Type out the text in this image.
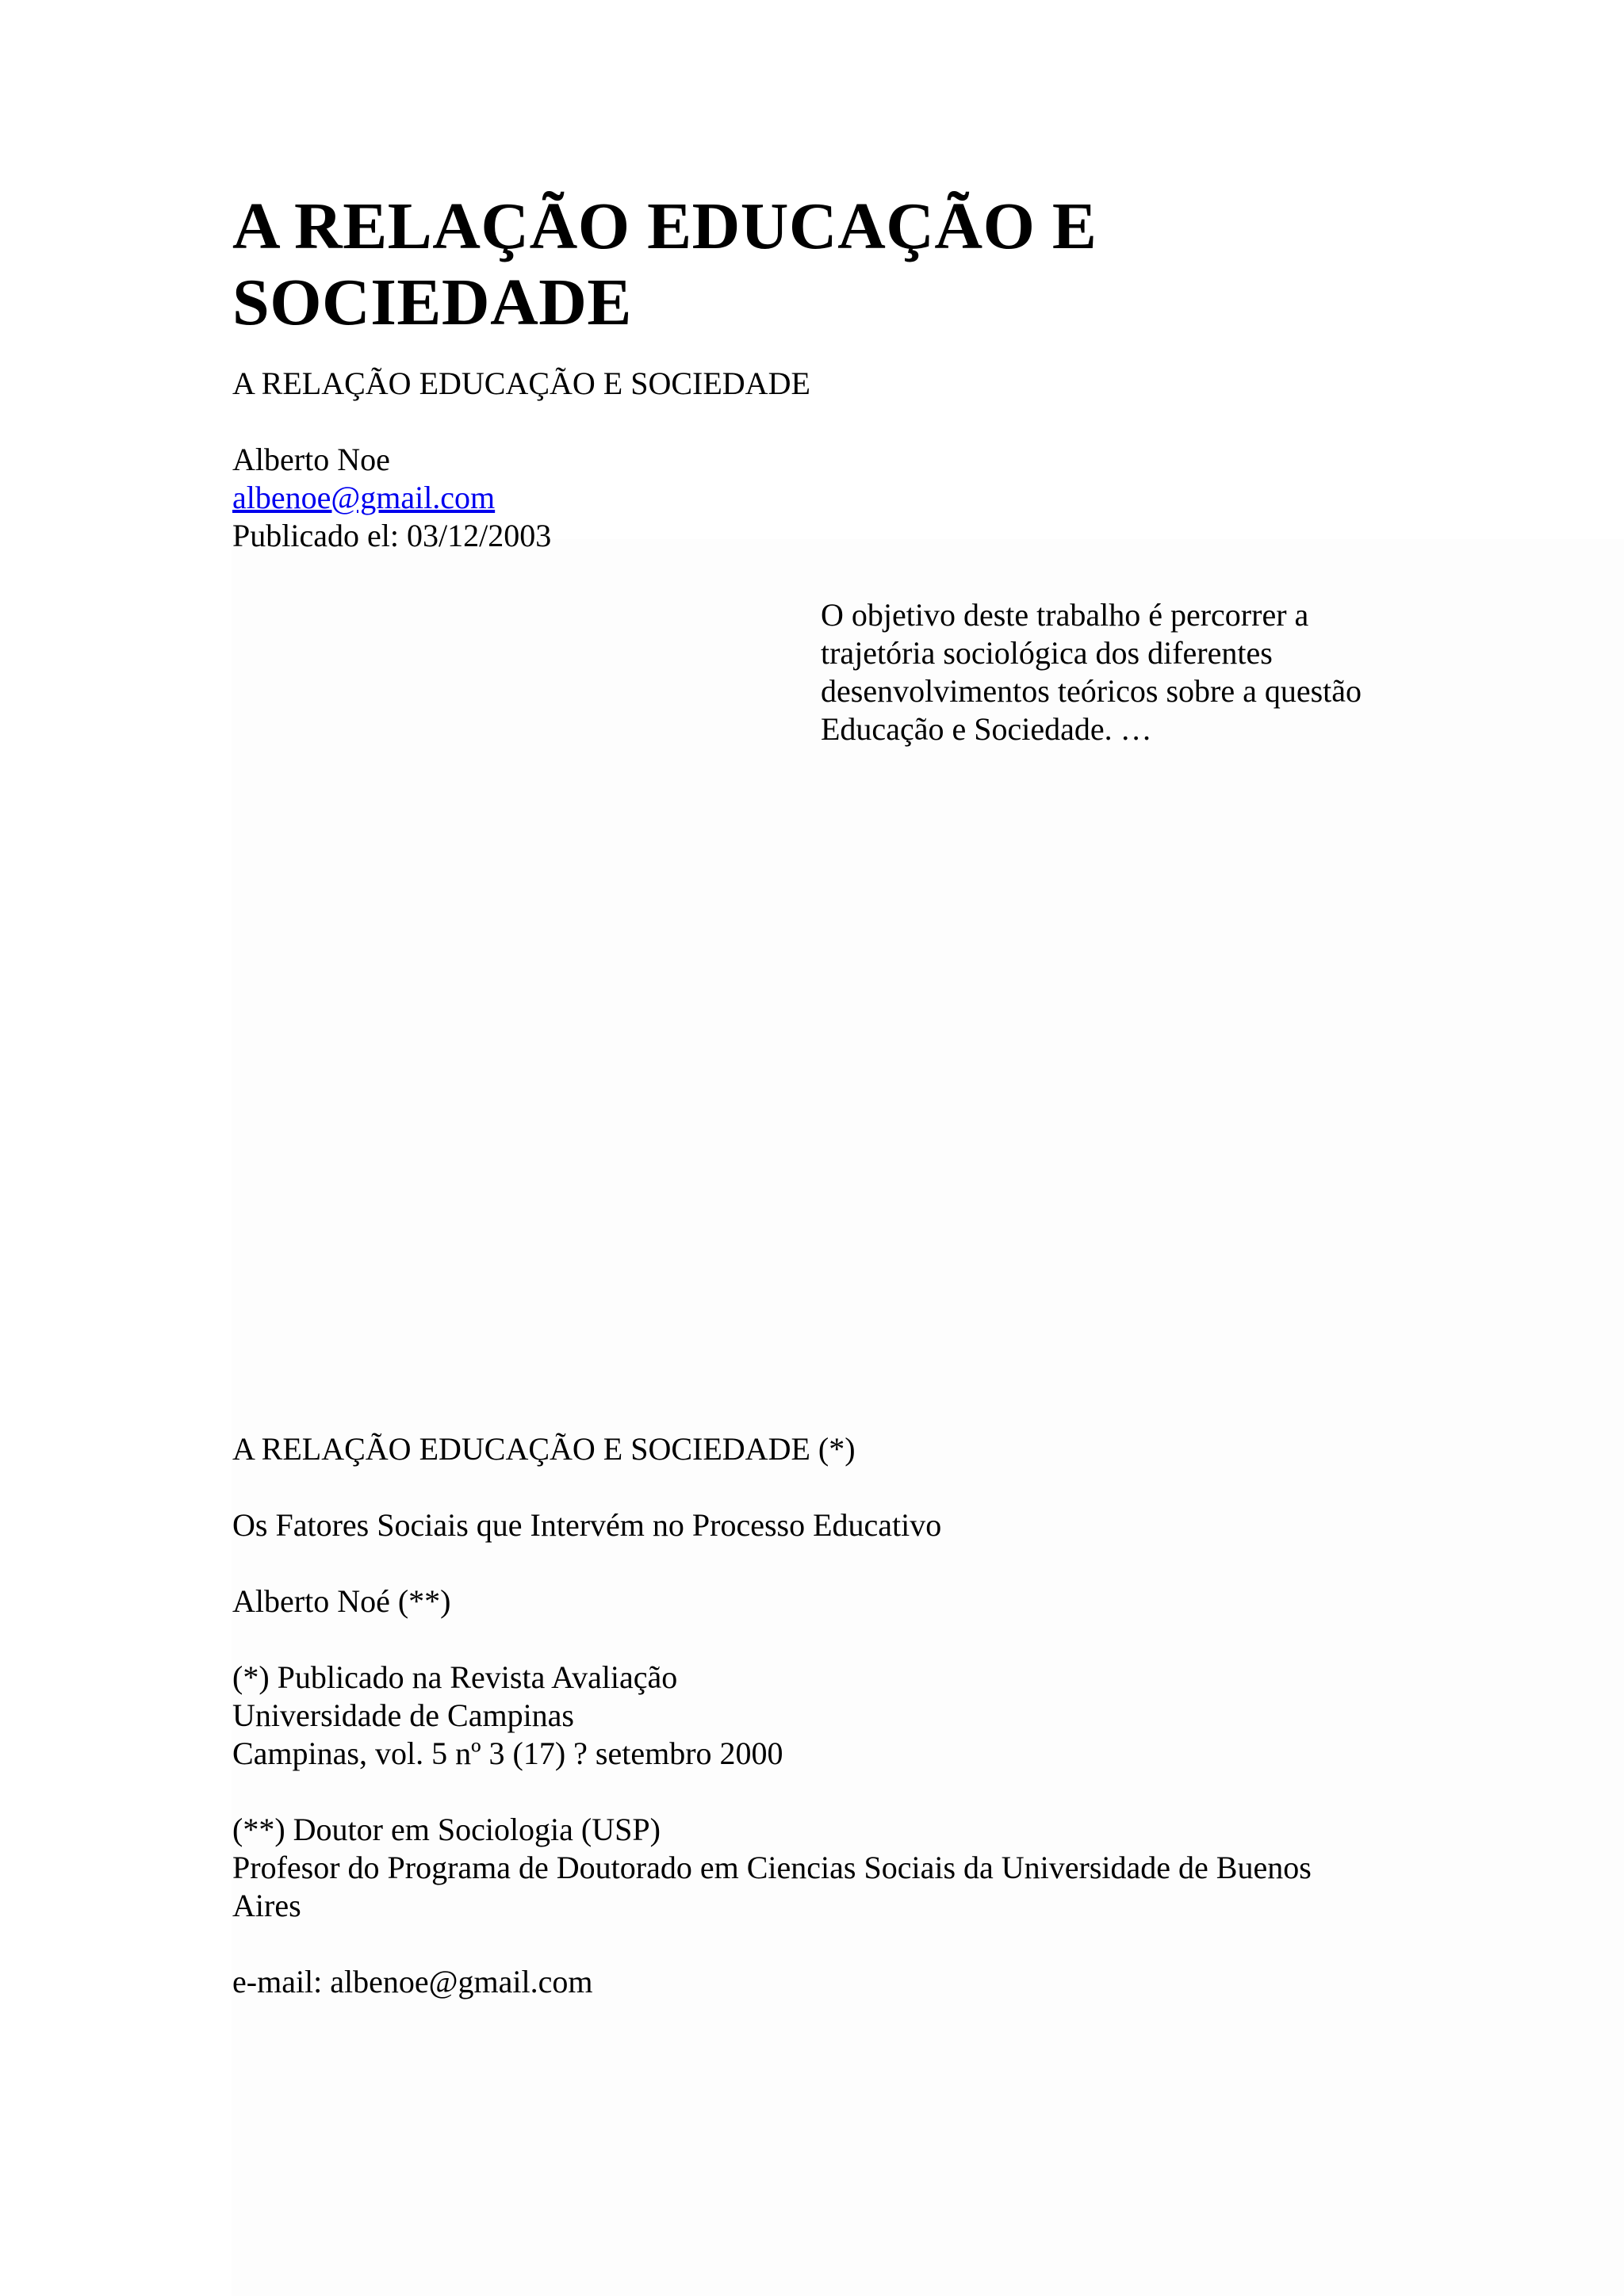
A RELAÇÃO EDUCAÇÃO E SOCIEDADE

A RELAÇÃO EDUCAÇÃO E SOCIEDADE

Alberto Noe

albenoe@gmail.com

Publicado el: 03/12/2003

O objetivo deste trabalho é percorrer a

trajetória sociológica dos diferentes

desenvolvimentos teóricos sobre a questão

Educação e Sociedade. …

A RELAÇÃO EDUCAÇÃO E SOCIEDADE (*)

Os Fatores Sociais que Intervém no Processo Educativo

Alberto Noé (**)

(*) Publicado na Revista Avaliação

Universidade de Campinas

Campinas, vol. 5 nº 3 (17) ? setembro 2000

(**) Doutor em Sociologia (USP)

Profesor do Programa de Doutorado em Ciencias Sociais da Universidade de Buenos

Aires

e-mail: albenoe@gmail.com
